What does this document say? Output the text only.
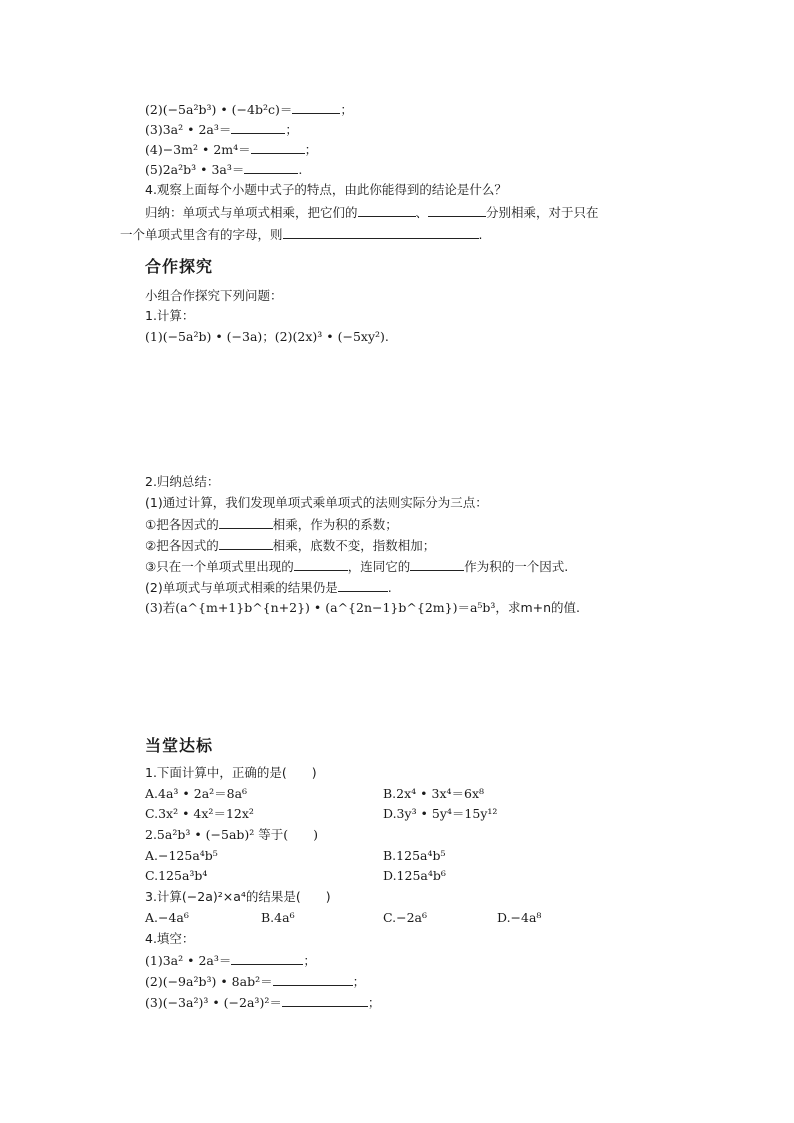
(2)(−5a²b³) • (−4b²c)＝	；
(3)3a² • 2a³＝	；
(4)−3m² • 2m⁴＝	；
(5)2a²b³ • 3a³＝	.
4.观察上面每个小题中式子的特点，由此你能得到的结论是什么？
归纳：单项式与单项式相乘，把它们的	、	分别相乘，对于只在
一个单项式里含有的字母，则	.
合作探究
小组合作探究下列问题：
1.计算：
(1)(−5a²b) • (−3a)；(2)(2x)³ • (−5xy²).
2.归纳总结：
(1)通过计算，我们发现单项式乘单项式的法则实际分为三点：
①把各因式的	相乘，作为积的系数；
②把各因式的	相乘，底数不变，指数相加；
③只在一个单项式里出现的	，连同它的	作为积的一个因式.
(2)单项式与单项式相乘的结果仍是	.
(3)若(a^{m+1}b^{n+2}) • (a^{2n−1}b^{2m})＝a⁵b³，求m+n的值.
当堂达标
1.下面计算中，正确的是(　　)
A.4a³ • 2a²＝8a⁶	B.2x⁴ • 3x⁴＝6x⁸
C.3x² • 4x²＝12x²	D.3y³ • 5y⁴＝15y¹²
2.5a²b³ • (−5ab)² 等于(　　)
A.−125a⁴b⁵	B.125a⁴b⁵
C.125a³b⁴	D.125a⁴b⁶
3.计算(−2a)²×a⁴的结果是(　　)
A.−4a⁶	B.4a⁶	C.−2a⁶	D.−4a⁸
4.填空：
(1)3a² • 2a³＝	；
(2)(−9a²b³) • 8ab²＝	；
(3)(−3a²)³ • (−2a³)²＝	；
